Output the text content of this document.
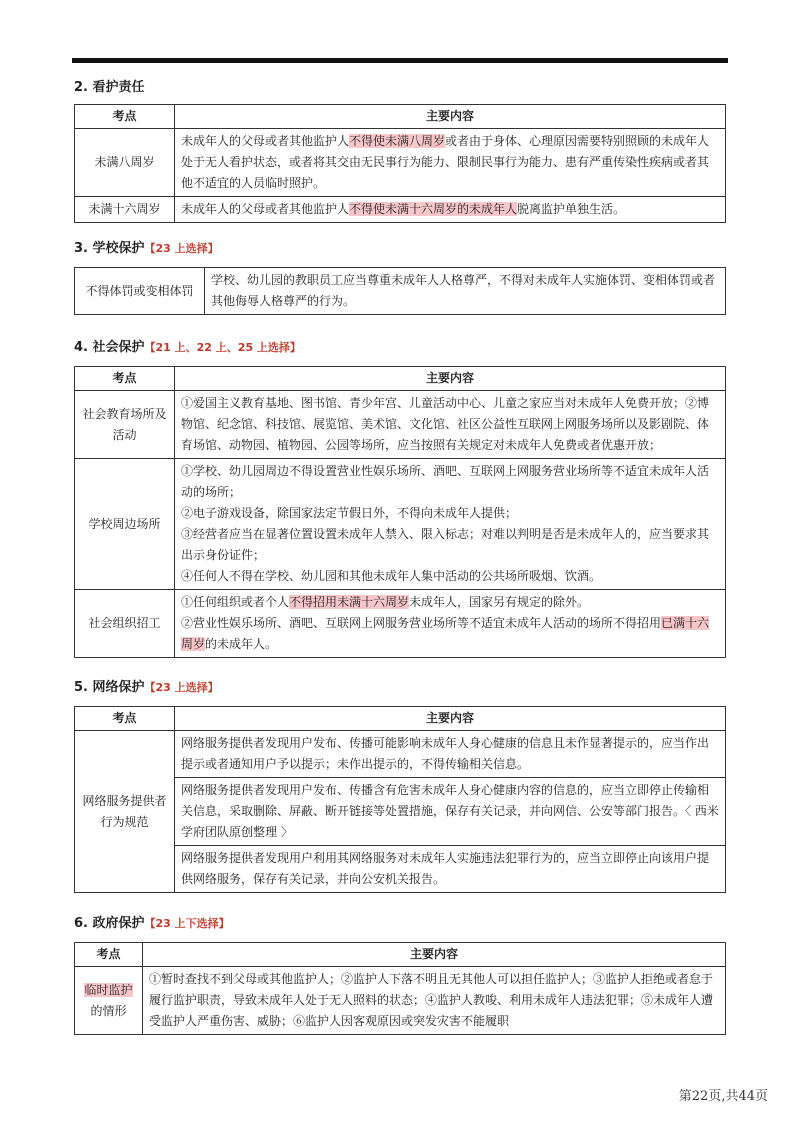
2. 看护责任
考点	主要内容
未满八周岁	未成年人的父母或者其他监护人不得使未满八周岁或者由于身体、心理原因需要特别照顾的未成年人处于无人看护状态，或者将其交由无民事行为能力、限制民事行为能力、患有严重传染性疾病或者其他不适宜的人员临时照护。
未满十六周岁	未成年人的父母或者其他监护人不得使未满十六周岁的未成年人脱离监护单独生活。
3. 学校保护【23 上选择】
不得体罚或变相体罚	学校、幼儿园的教职员工应当尊重未成年人人格尊严，不得对未成年人实施体罚、变相体罚或者其他侮辱人格尊严的行为。
4. 社会保护【21 上、22 上、25 上选择】
考点	主要内容
社会教育场所及活动	①爱国主义教育基地、图书馆、青少年宫、儿童活动中心、儿童之家应当对未成年人免费开放；②博物馆、纪念馆、科技馆、展览馆、美术馆、文化馆、社区公益性互联网上网服务场所以及影剧院、体育场馆、动物园、植物园、公园等场所，应当按照有关规定对未成年人免费或者优惠开放；
学校周边场所	①学校、幼儿园周边不得设置营业性娱乐场所、酒吧、互联网上网服务营业场所等不适宜未成年人活动的场所；
②电子游戏设备，除国家法定节假日外，不得向未成年人提供；
③经营者应当在显著位置设置未成年人禁入、限入标志；对难以判明是否是未成年人的，应当要求其出示身份证件；
④任何人不得在学校、幼儿园和其他未成年人集中活动的公共场所吸烟、饮酒。

社会组织招工	①任何组织或者个人不得招用未满十六周岁未成年人，国家另有规定的除外。
②营业性娱乐场所、酒吧、互联网上网服务营业场所等不适宜未成年人活动的场所不得招用已满十六周岁的未成年人。
5. 网络保护【23 上选择】
考点	主要内容
网络服务提供者行为规范	网络服务提供者发现用户发布、传播可能影响未成年人身心健康的信息且未作显著提示的，应当作出提示或者通知用户予以提示；未作出提示的，不得传输相关信息。
	网络服务提供者发现用户发布、传播含有危害未成年人身心健康内容的信息的，应当立即停止传输相关信息，采取删除、屏蔽、断开链接等处置措施，保存有关记录，并向网信、公安等部门报告。〈 西米学府团队原创整理 〉
	网络服务提供者发现用户利用其网络服务对未成年人实施违法犯罪行为的，应当立即停止向该用户提供网络服务，保存有关记录，并向公安机关报告。
6. 政府保护【23 上下选择】
考点	主要内容
临时监护的情形	①暂时查找不到父母或其他监护人；②监护人下落不明且无其他人可以担任监护人；③监护人拒绝或者怠于履行监护职责，导致未成年人处于无人照料的状态；④监护人教唆、利用未成年人违法犯罪；⑤未成年人遭受监护人严重伤害、威胁；⑥监护人因客观原因或突发灾害不能履职
第22页,共44页
